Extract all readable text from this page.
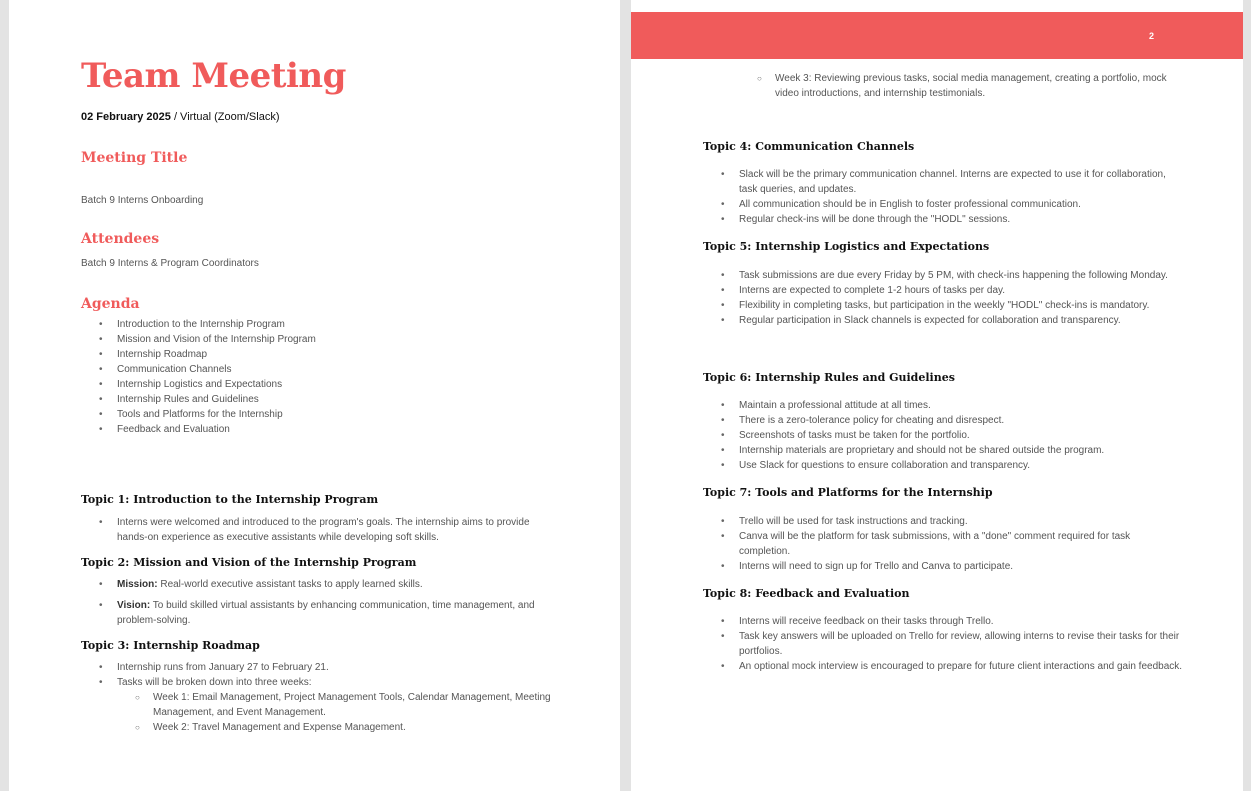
Team Meeting
02 February 2025 / Virtual (Zoom/Slack)
Meeting Title
Batch 9 Interns Onboarding
Attendees
Batch 9 Interns & Program Coordinators
Agenda
• Introduction to the Internship Program
• Mission and Vision of the Internship Program
• Internship Roadmap
• Communication Channels
• Internship Logistics and Expectations
• Internship Rules and Guidelines
• Tools and Platforms for the Internship
• Feedback and Evaluation
Topic 1: Introduction to the Internship Program
• Interns were welcomed and introduced to the program's goals. The internship aims to provide hands-on experience as executive assistants while developing soft skills.
Topic 2: Mission and Vision of the Internship Program
• Mission: Real-world executive assistant tasks to apply learned skills.
• Vision: To build skilled virtual assistants by enhancing communication, time management, and problem-solving.
Topic 3: Internship Roadmap
• Internship runs from January 27 to February 21.
• Tasks will be broken down into three weeks:
○ Week 1: Email Management, Project Management Tools, Calendar Management, Meeting Management, and Event Management.
○ Week 2: Travel Management and Expense Management.
2
○ Week 3: Reviewing previous tasks, social media management, creating a portfolio, mock video introductions, and internship testimonials.
Topic 4: Communication Channels
• Slack will be the primary communication channel. Interns are expected to use it for collaboration, task queries, and updates.
• All communication should be in English to foster professional communication.
• Regular check-ins will be done through the "HODL" sessions.
Topic 5: Internship Logistics and Expectations
• Task submissions are due every Friday by 5 PM, with check-ins happening the following Monday.
• Interns are expected to complete 1-2 hours of tasks per day.
• Flexibility in completing tasks, but participation in the weekly "HODL" check-ins is mandatory.
• Regular participation in Slack channels is expected for collaboration and transparency.
Topic 6: Internship Rules and Guidelines
• Maintain a professional attitude at all times.
• There is a zero-tolerance policy for cheating and disrespect.
• Screenshots of tasks must be taken for the portfolio.
• Internship materials are proprietary and should not be shared outside the program.
• Use Slack for questions to ensure collaboration and transparency.
Topic 7: Tools and Platforms for the Internship
• Trello will be used for task instructions and tracking.
• Canva will be the platform for task submissions, with a "done" comment required for task completion.
• Interns will need to sign up for Trello and Canva to participate.
Topic 8: Feedback and Evaluation
• Interns will receive feedback on their tasks through Trello.
• Task key answers will be uploaded on Trello for review, allowing interns to revise their tasks for their portfolios.
• An optional mock interview is encouraged to prepare for future client interactions and gain feedback.
